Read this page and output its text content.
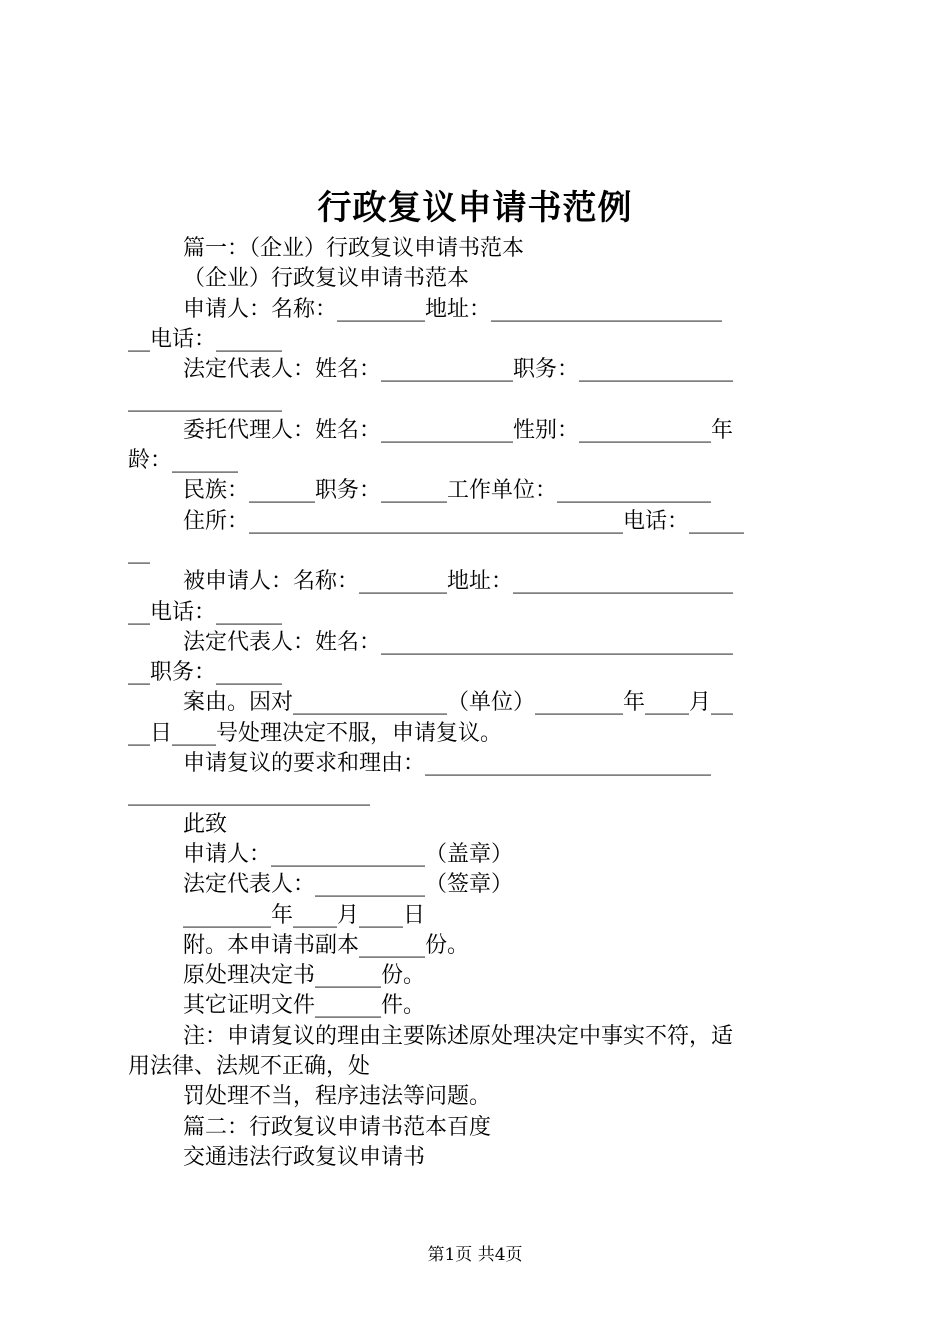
行政复议申请书范例
篇一：（企业）行政复议申请书范本
（企业）行政复议申请书范本
申请人：名称：________地址：_____________________
__电话：______
法定代表人：姓名：____________职务：______________
______________
委托代理人：姓名：____________性别：____________年
龄：______
民族：______职务：______工作单位：______________
住所：__________________________________电话：_____
__
被申请人：名称：________地址：____________________
__电话：______
法定代表人：姓名：________________________________
__职务：______
案由。因对______________（单位）________年____月__
__日____号处理决定不服，申请复议。
申请复议的要求和理由：__________________________
______________________
此致
申请人：______________（盖章）
法定代表人：__________（签章）
________年____月____日
附。本申请书副本______份。
原处理决定书______份。
其它证明文件______件。
注：申请复议的理由主要陈述原处理决定中事实不符，适
用法律、法规不正确，处
罚处理不当，程序违法等问题。
篇二：行政复议申请书范本百度
交通违法行政复议申请书
第1页 共4页
